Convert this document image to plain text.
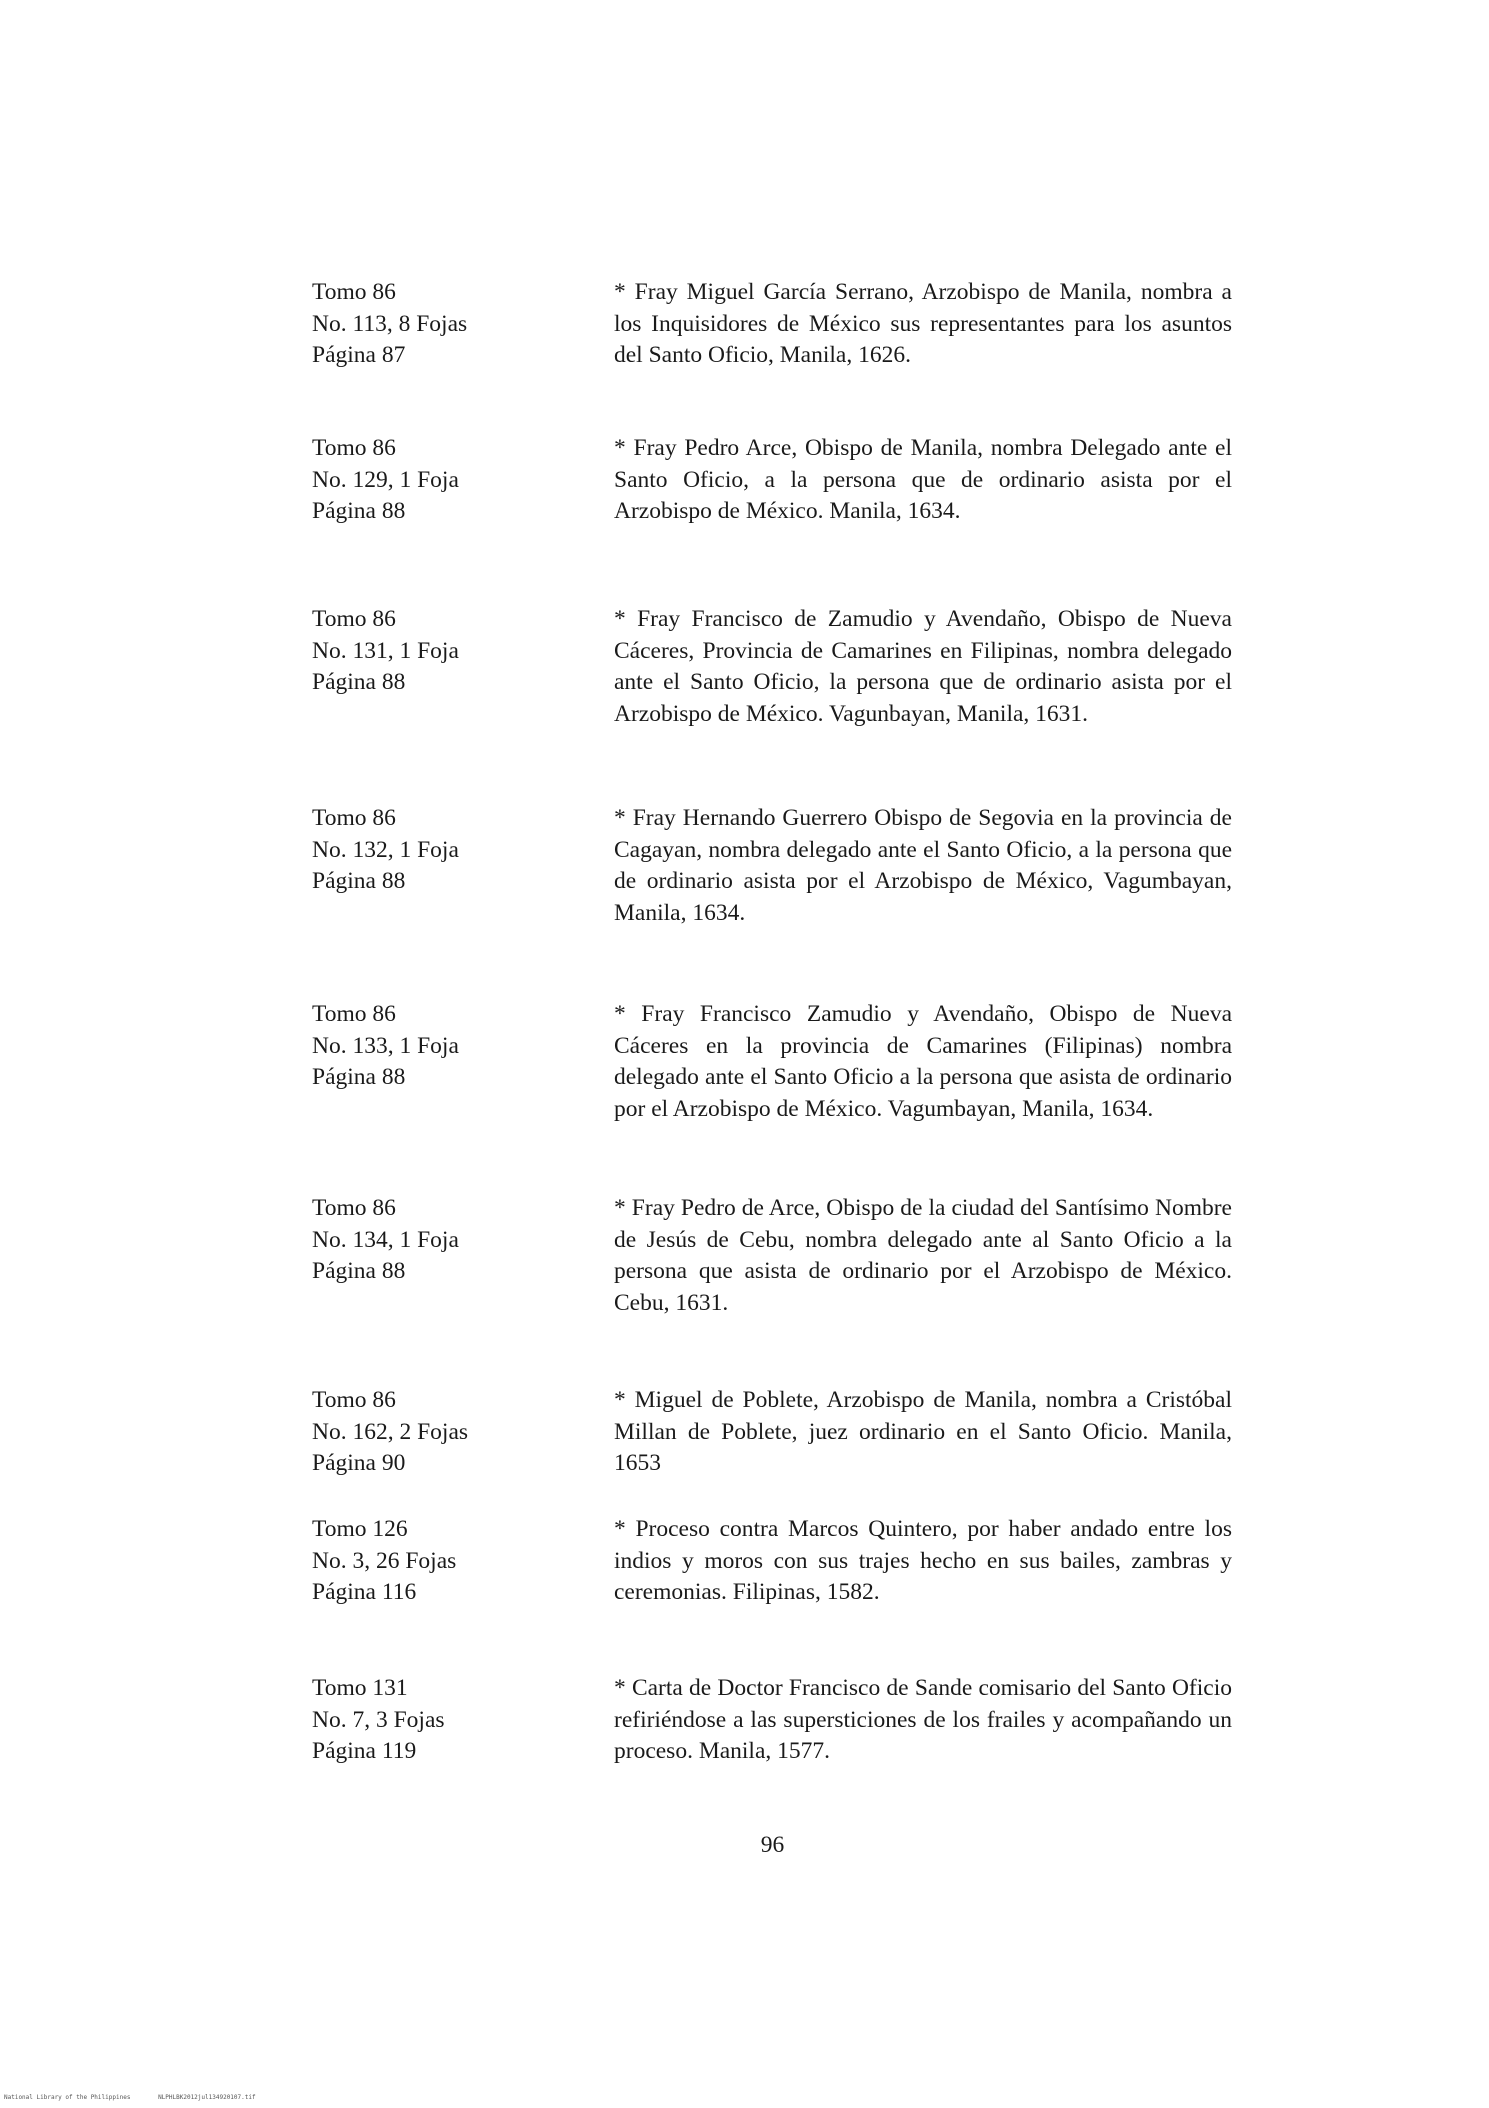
Tomo 86
No. 113, 8 Fojas
Página 87
* Fray Miguel García Serrano, Arzobispo de Manila, nombra a los Inquisidores de México sus representantes para los asuntos del Santo Oficio, Manila, 1626.
Tomo 86
No. 129, 1 Foja
Página 88
* Fray Pedro Arce, Obispo de Manila, nombra Delegado ante el Santo Oficio, a la persona que de ordinario asista por el Arzobispo de México. Manila, 1634.
Tomo 86
No. 131, 1 Foja
Página 88
* Fray Francisco de Zamudio y Avendaño, Obispo de Nueva Cáceres, Provincia de Camarines en Filipinas, nombra delegado ante el Santo Oficio, la persona que de ordinario asista por el Arzobispo de México. Vagunbayan, Manila, 1631.
Tomo 86
No. 132, 1 Foja
Página 88
* Fray Hernando Guerrero Obispo de Segovia en la provincia de Cagayan, nombra delegado ante el Santo Oficio, a la persona que de ordinario asista por el Arzobispo de México, Vagumbayan, Manila, 1634.
Tomo 86
No. 133, 1 Foja
Página 88
* Fray Francisco Zamudio y Avendaño, Obispo de Nueva Cáceres en la provincia de Camarines (Filipinas) nombra delegado ante el Santo Oficio a la persona que asista de ordinario por el Arzobispo de México. Vagumbayan, Manila, 1634.
Tomo 86
No. 134, 1 Foja
Página 88
* Fray Pedro de Arce, Obispo de la ciudad del Santísimo Nombre de Jesús de Cebu, nombra delegado ante al Santo Oficio a la persona que asista de ordinario por el Arzobispo de México. Cebu, 1631.
Tomo 86
No. 162, 2 Fojas
Página 90
* Miguel de Poblete, Arzobispo de Manila, nombra a Cristóbal Millan de Poblete, juez ordinario en el Santo Oficio. Manila, 1653
Tomo 126
No. 3, 26 Fojas
Página 116
* Proceso contra Marcos Quintero, por haber andado entre los indios y moros con sus trajes hecho en sus bailes, zambras y ceremonias. Filipinas, 1582.
Tomo 131
No. 7, 3 Fojas
Página 119
* Carta de Doctor Francisco de Sande comisario del Santo Oficio refiriéndose a las supersticiones de los frailes y acompañando un proceso. Manila, 1577.
96
National Library of the Philippines	NLPHLBK2012jul134920107.tif
